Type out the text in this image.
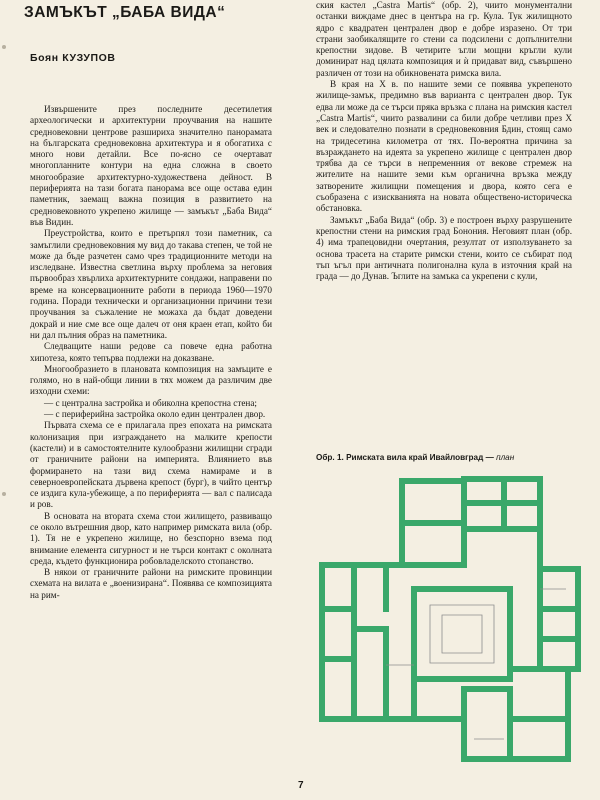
ЗАМЪКЪТ „БАБА ВИДА“
Боян КУЗУПОВ

Извършените през последните десетилетия археологически и архитектурни проучвания на нашите средновековни центрове разшириха значително панорамата на българската средновековна архитектура и я обогатиха с много нови детайли. Все по-ясно се очертават многопланните контури на една сложна в своето многообразие архитектурно-художествена дейност. В периферията на тази богата панорама все още остава един паметник, заемащ важна позиция в развитието на средновековното укрепено жилище — замъкът „Баба Вида“ във Видин.

Преустройства, които е претърпял този паметник, са замъглили средновековния му вид до такава степен, че той не може да бъде разчетен само чрез традиционните методи на изследване. Известна светлина върху проблема за неговия първообраз хвърлиха архитектурните сондажи, направени по време на консервационните работи в периода 1960—1970 година. Поради технически и организационни причини тези проучвания за съжаление не можаха да бъдат доведени докрай и ние сме все още далеч от оня краен етап, който би ни дал пълния образ на паметника.

Следващите наши редове са повече една работна хипотеза, която тепърва подлежи на доказване.

Многообразието в плановата композиция на замъците е голямо, но в най-общи линии в тях можем да различим две изходни схеми:

— с централна застройка и обиколна крепостна стена;

— с периферийна застройка около един централен двор.

Първата схема се е прилагала през епохата на римската колонизация при изграждането на малките крепости (кастели) и в самостоятелните кулообразни жилищни сгради от граничните райони на империята. Влиянието във формирането на тази вид схема намираме и в северноевропейската дървена крепост (бург), в чийто център се издига кула-убежище, а по периферията — вал с палисада и ров.

В основата на втората схема стои жилището, развиващо се около вътрешния двор, като например римската вила (обр. 1). Тя не е укрепено жилище, но безспорно взема под внимание елемента сигурност и не търси контакт с околната среда, където функционира робовладелското стопанство.

В някои от граничните райони на римските провинции схемата на вилата е „военизирана“. Появява се композицията на рим-

ския кастел „Castra Martis“ (обр. 2), чиито монументални останки виждаме днес в центъра на гр. Кула. Тук жилищното ядро с квадратен централен двор е добре изразено. От три страни заобикалящите го стени са подсилени с допълнителни крепостни зидове. В четирите ъгли мощни кръгли кули доминират над цялата композиция и ѝ придават вид, съвършено различен от този на обикновената римска вила.

В края на X в. по нашите земи се появява укрепеното жилище-замък, предимно във варианта с централен двор. Тук едва ли може да се търси пряка връзка с плана на римския кастел „Castra Martis“, чиито развалини са били добре четливи през X век и следователно познати в средновековния Бдин, стоящ само на тридесетина километра от тях. По-вероятна причина за възраждането на идеята за укрепено жилище с централен двор трябва да се търси в непременния от вековe стремеж на жителите на нашите земи към органична връзка между затворените жилищни помещения и двора, която сега е съобразена с изискванията на новата обществено-историческа обстановка.

Замъкът „Баба Вида“ (обр. 3) е построен върху разрушените крепостни стени на римския град Бонония. Неговият план (обр. 4) има трапецовидни очертания, резултат от използуването за основа трасета на старите римски стени, които се събират под тъп ъгъл при античната полигонална кула в източния край на града — до Дунав. Ъглите на замъка са укрепени с кули,

Обр. 1. Римската вила край Ивайловград — план
7
